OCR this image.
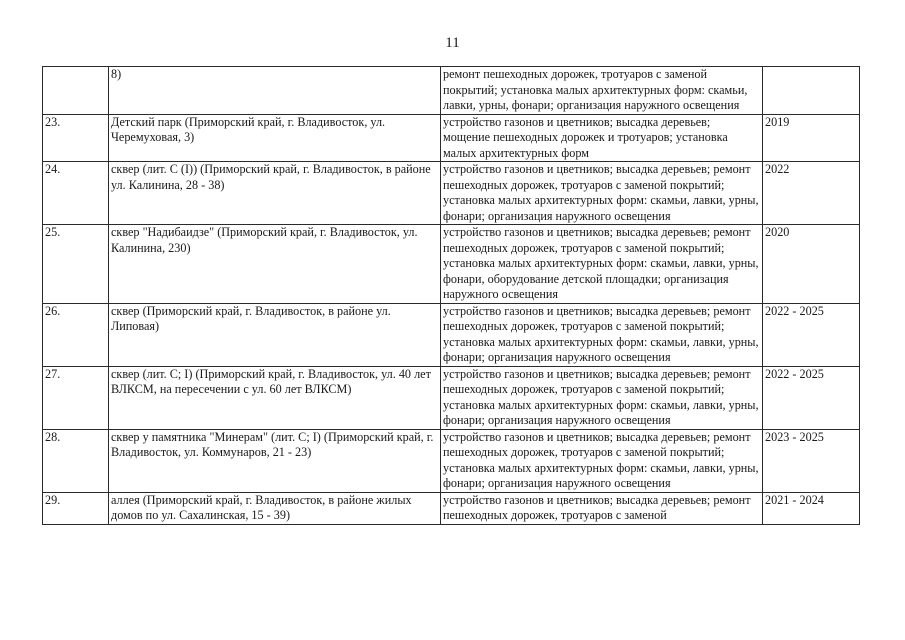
11
	8)	ремонт пешеходных дорожек, тротуаров с заменой покрытий; установка малых архитектурных форм: скамьи, лавки, урны, фонари; организация наружного освещения	
23.	Детский парк (Приморский край, г. Владивосток, ул. Черемуховая, 3)	устройство газонов и цветников; высадка деревьев; мощение пешеходных дорожек и тротуаров; установка малых архитектурных форм	2019
24.	сквер (лит. С (I)) (Приморский край, г. Владивосток, в районе ул. Калинина, 28 - 38)	устройство газонов и цветников; высадка деревьев; ремонт пешеходных дорожек, тротуаров с заменой покрытий; установка малых архитектурных форм: скамьи, лавки, урны, фонари; организация наружного освещения	2022
25.	сквер "Надибаидзе" (Приморский край, г. Владивосток, ул. Калинина, 230)	устройство газонов и цветников; высадка деревьев; ремонт пешеходных дорожек, тротуаров с заменой покрытий; установка малых архитектурных форм: скамьи, лавки, урны, фонари, оборудование детской площадки; организация наружного освещения	2020
26.	сквер (Приморский край, г. Владивосток, в районе ул. Липовая)	устройство газонов и цветников; высадка деревьев; ремонт пешеходных дорожек, тротуаров с заменой покрытий; установка малых архитектурных форм: скамьи, лавки, урны, фонари; организация наружного освещения	2022 - 2025
27.	сквер (лит. С; I) (Приморский край, г. Владивосток, ул. 40 лет ВЛКСМ, на пересечении с ул. 60 лет ВЛКСМ)	устройство газонов и цветников; высадка деревьев; ремонт пешеходных дорожек, тротуаров с заменой покрытий; установка малых архитектурных форм: скамьи, лавки, урны, фонари; организация наружного освещения	2022 - 2025
28.	сквер у памятника "Минерам" (лит. С; I) (Приморский край, г. Владивосток, ул. Коммунаров, 21 - 23)	устройство газонов и цветников; высадка деревьев; ремонт пешеходных дорожек, тротуаров с заменой покрытий; установка малых архитектурных форм: скамьи, лавки, урны, фонари; организация наружного освещения	2023 - 2025
29.	аллея (Приморский край, г. Владивосток, в районе жилых домов по ул. Сахалинская, 15 - 39)	устройство газонов и цветников; высадка деревьев; ремонт пешеходных дорожек, тротуаров с заменой	2021 - 2024
